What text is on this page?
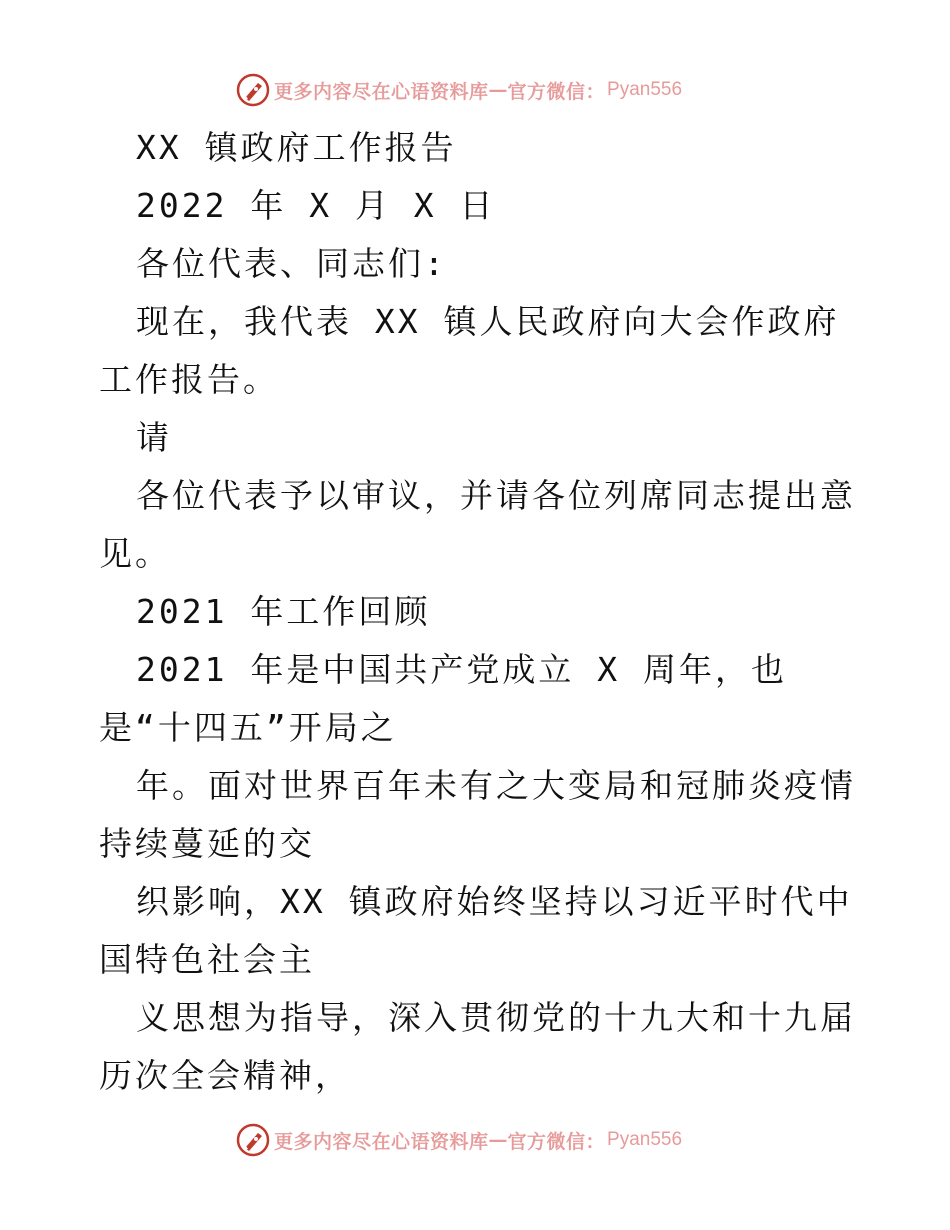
更多内容尽在心语资料库 — 官方微信： Pyan556

XX 镇政府工作报告

2022 年 X 月 X 日

各位代表、同志们:

现在，我代表 XX 镇人民政府向大会作政府工作报告。

请

各位代表予以审议，并请各位列席同志提出意见。

2021 年工作回顾

2021 年是中国共产党成立 X 周年，也是“十四五”开局之

年。面对世界百年未有之大变局和冠肺炎疫情持续蔓延的交

织影响，XX 镇政府始终坚持以习近平时代中国特色社会主

义思想为指导，深入贯彻党的十九大和十九届历次全会精神，

更多内容尽在心语资料库 — 官方微信： Pyan556
